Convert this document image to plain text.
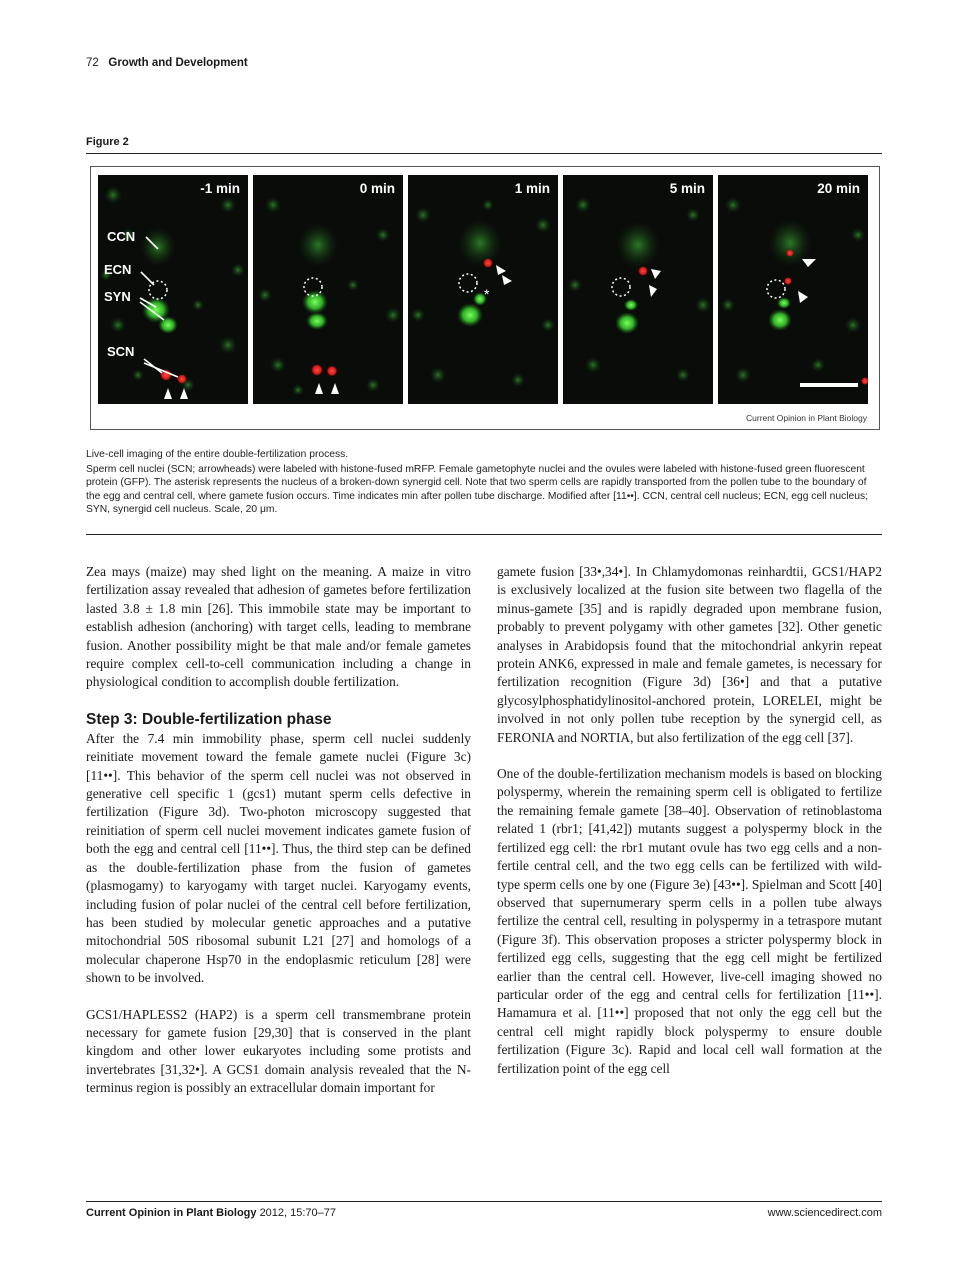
72 Growth and Development
Figure 2
CCN
ECN
SYN
SCN
-1 min	0 min
*
1 min	5 min	20 min
Current Opinion in Plant Biology
Live-cell imaging of the entire double-fertilization process.
Sperm cell nuclei (SCN; arrowheads) were labeled with histone-fused mRFP. Female gametophyte nuclei and the ovules were labeled with histone-fused green fluorescent protein (GFP). The asterisk represents the nucleus of a broken-down synergid cell. Note that two sperm cells are rapidly transported from the pollen tube to the boundary of the egg and central cell, where gamete fusion occurs. Time indicates min after pollen tube discharge. Modified after [11••]. CCN, central cell nucleus; ECN, egg cell nucleus; SYN, synergid cell nucleus. Scale, 20 μm.

Zea mays (maize) may shed light on the meaning. A maize in vitro fertilization assay revealed that adhesion of gametes before fertilization lasted 3.8 ± 1.8 min [26]. This immobile state may be important to establish adhesion (anchoring) with target cells, leading to membrane fusion. Another possibility might be that male and/or female gametes require complex cell-to-cell communication including a change in physiological condition to accomplish double fertilization.

Step 3: Double-fertilization phase

After the 7.4 min immobility phase, sperm cell nuclei suddenly reinitiate movement toward the female gamete nuclei (Figure 3c) [11••]. This behavior of the sperm cell nuclei was not observed in generative cell specific 1 (gcs1) mutant sperm cells defective in fertilization (Figure 3d). Two-photon microscopy suggested that reinitiation of sperm cell nuclei movement indicates gamete fusion of both the egg and central cell [11••]. Thus, the third step can be defined as the double-fertilization phase from the fusion of gametes (plasmogamy) to karyogamy with target nuclei. Karyogamy events, including fusion of polar nuclei of the central cell before fertilization, has been studied by molecular genetic approaches and a putative mitochondrial 50S ribosomal subunit L21 [27] and homologs of a molecular chaperone Hsp70 in the endoplasmic reticulum [28] were shown to be involved.

GCS1/HAPLESS2 (HAP2) is a sperm cell transmembrane protein necessary for gamete fusion [29,30] that is conserved in the plant kingdom and other lower eukaryotes including some protists and invertebrates [31,32•]. A GCS1 domain analysis revealed that the N-terminus region is possibly an extracellular domain important for

gamete fusion [33•,34•]. In Chlamydomonas reinhardtii, GCS1/HAP2 is exclusively localized at the fusion site between two flagella of the minus-gamete [35] and is rapidly degraded upon membrane fusion, probably to prevent polygamy with other gametes [32]. Other genetic analyses in Arabidopsis found that the mitochondrial ankyrin repeat protein ANK6, expressed in male and female gametes, is necessary for fertilization recognition (Figure 3d) [36•] and that a putative glycosylphosphatidylinositol-anchored protein, LORELEI, might be involved in not only pollen tube reception by the synergid cell, as FERONIA and NORTIA, but also fertilization of the egg cell [37].

One of the double-fertilization mechanism models is based on blocking polyspermy, wherein the remaining sperm cell is obligated to fertilize the remaining female gamete [38–40]. Observation of retinoblastoma related 1 (rbr1; [41,42]) mutants suggest a polyspermy block in the fertilized egg cell: the rbr1 mutant ovule has two egg cells and a non-fertile central cell, and the two egg cells can be fertilized with wild-type sperm cells one by one (Figure 3e) [43••]. Spielman and Scott [40] observed that supernumerary sperm cells in a pollen tube always fertilize the central cell, resulting in polyspermy in a tetraspore mutant (Figure 3f). This observation proposes a stricter polyspermy block in fertilized egg cells, suggesting that the egg cell might be fertilized earlier than the central cell. However, live-cell imaging showed no particular order of the egg and central cells for fertilization [11••]. Hamamura et al. [11••] proposed that not only the egg cell but the central cell might rapidly block polyspermy to ensure double fertilization (Figure 3c). Rapid and local cell wall formation at the fertilization point of the egg cell

Current Opinion in Plant Biology 2012, 15:70–77	www.sciencedirect.com
